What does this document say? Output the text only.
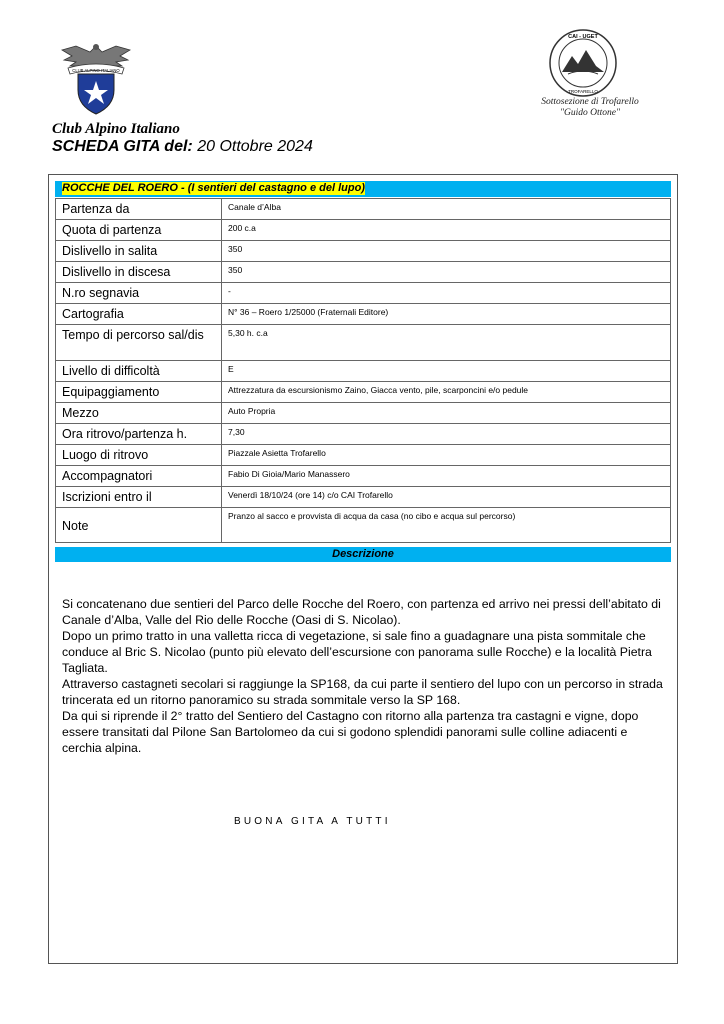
CLUB ALPINO ITALIANO
CAI - UGET
TROFARELLO
Sottosezione di Trofarello
"Guido Ottone"
Club Alpino Italiano
SCHEDA GITA del: 20 Ottobre 2024
ROCCHE DEL ROERO - (I sentieri del castagno e del lupo)
Partenza da	Canale d’Alba
Quota di partenza	200 c.a
Dislivello in salita	350
Dislivello in discesa	350
N.ro segnavia	-
Cartografia	N° 36 – Roero 1/25000 (Fraternali Editore)
Tempo di percorso sal/dis	5,30 h. c.a
Livello di difficoltà	E
Equipaggiamento	Attrezzatura da escursionismo Zaino, Giacca vento, pile, scarponcini e/o pedule
Mezzo	Auto Propria
Ora ritrovo/partenza h.	7,30
Luogo di ritrovo	Piazzale Asietta Trofarello
Accompagnatori	Fabio Di Gioia/Mario Manassero
Iscrizioni entro il	Venerdì 18/10/24 (ore 14) c/o CAI Trofarello
Note	Pranzo al sacco e provvista di acqua da casa (no cibo e acqua sul percorso)
Descrizione

Si concatenano due sentieri del Parco delle Rocche del Roero, con partenza ed arrivo nei pressi dell’abitato di Canale d’Alba, Valle del Rio delle Rocche (Oasi di S. Nicolao).

Dopo un primo tratto in una valletta ricca di vegetazione, si sale fino a guadagnare una pista sommitale che conduce al Bric S. Nicolao (punto più elevato dell’escursione con panorama sulle Rocche) e la località Pietra Tagliata.

Attraverso castagneti secolari si raggiunge la SP168, da cui parte il sentiero del lupo con un percorso in strada trincerata ed un ritorno panoramico su strada sommitale verso la SP 168.

Da qui si riprende il 2° tratto del Sentiero del Castagno con ritorno alla partenza tra castagni e vigne, dopo essere transitati dal Pilone San Bartolomeo da cui si godono splendidi panorami sulle colline adiacenti e cerchia alpina.

BUONA GITA A TUTTI
